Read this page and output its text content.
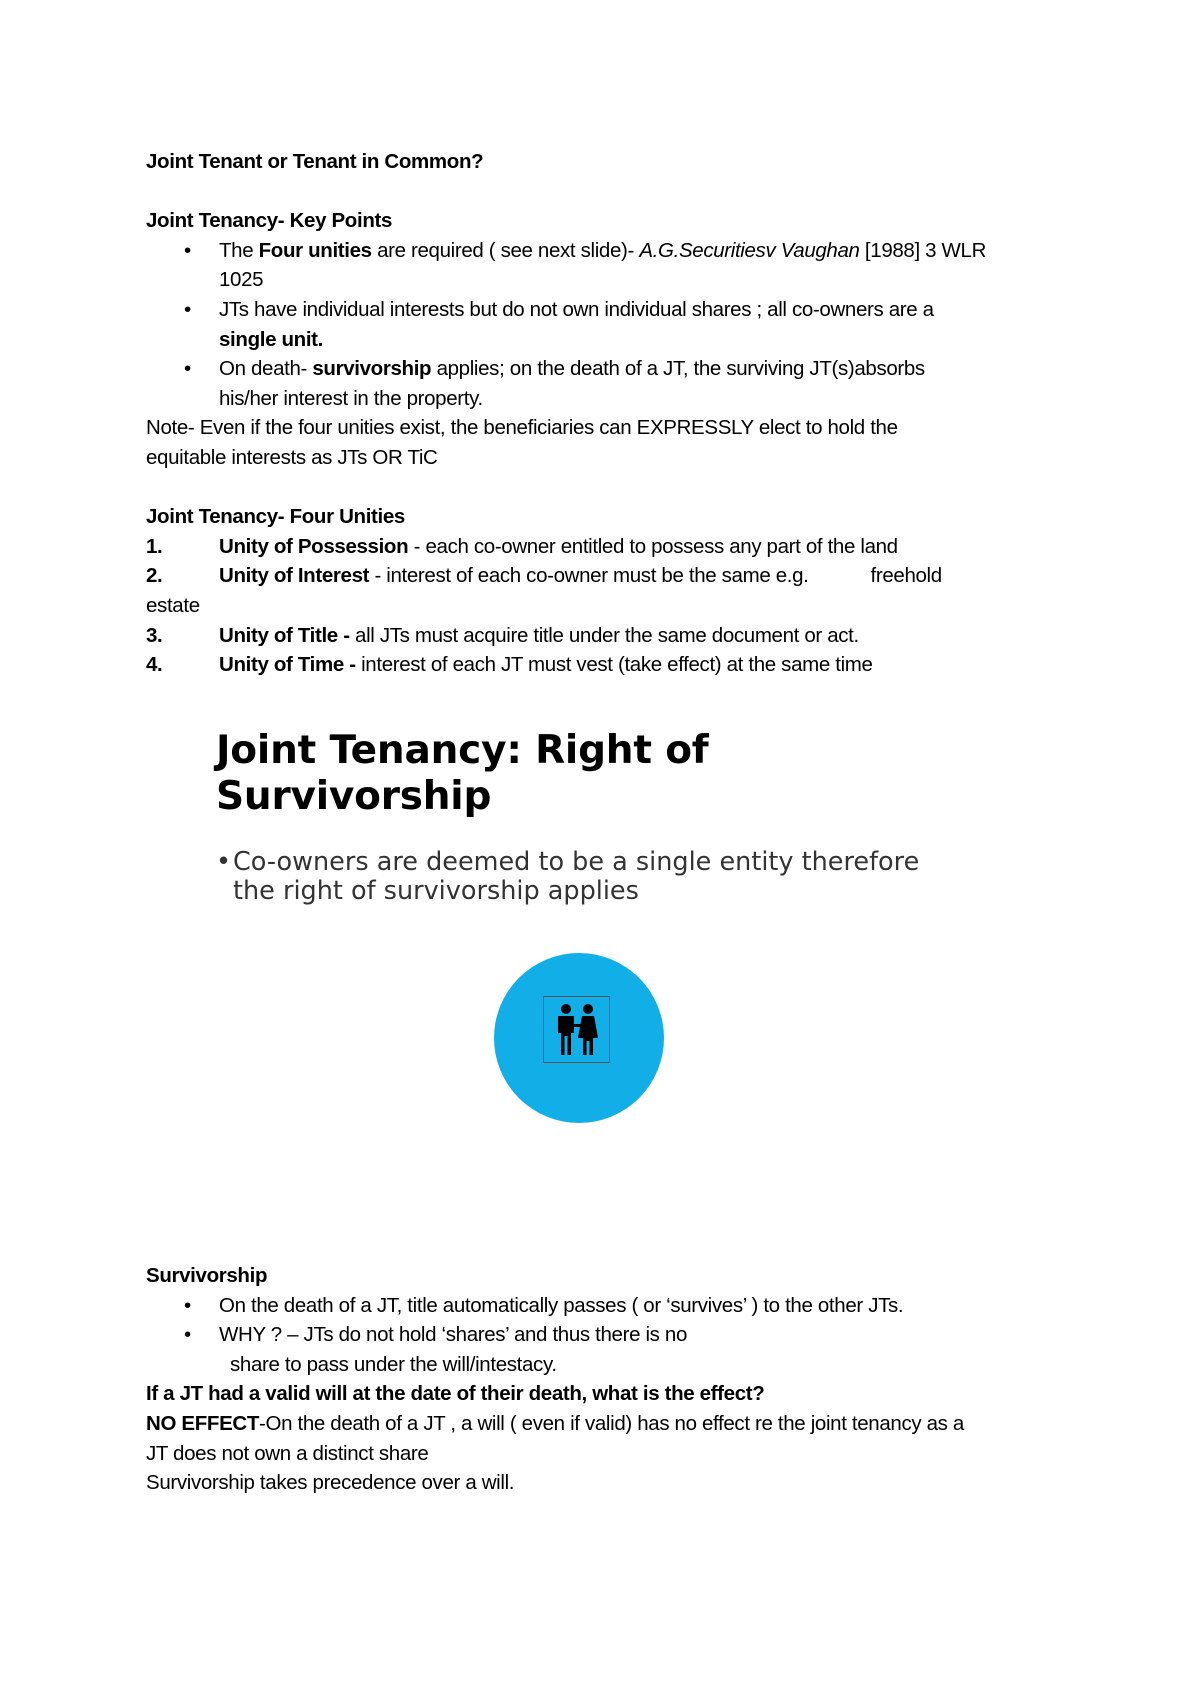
Joint Tenant or Tenant in Common?
Joint Tenancy- Key Points
• The Four unities are required ( see next slide)- A.G.Securitiesv Vaughan [1988] 3 WLR
1025
• JTs have individual interests but do not own individual shares ; all co-owners are a
single unit.
• On death- survivorship applies; on the death of a JT, the surviving JT(s)absorbs
his/her interest in the property.
Note- Even if the four unities exist, the beneficiaries can EXPRESSLY elect to hold the
equitable interests as JTs OR TiC
Joint Tenancy- Four Unities
1.	Unity of Possession - each co-owner entitled to possess any part of the land
2.	Unity of Interest - interest of each co-owner must be the same e.g.	freehold
estate
3.	Unity of Title - all JTs must acquire title under the same document or act.
4.	Unity of Time - interest of each JT must vest (take effect) at the same time
Joint Tenancy: Right of
Survivorship
•Co-owners are deemed to be a single entity therefore
the right of survivorship applies
Survivorship
• On the death of a JT, title automatically passes ( or ‘survives’ ) to the other JTs.
• WHY ? – JTs do not hold ‘shares’ and thus there is no
share to pass under the will/intestacy.
If a JT had a valid will at the date of their death, what is the effect?
NO EFFECT-On the death of a JT , a will ( even if valid) has no effect re the joint tenancy as a
JT does not own a distinct share
Survivorship takes precedence over a will.
